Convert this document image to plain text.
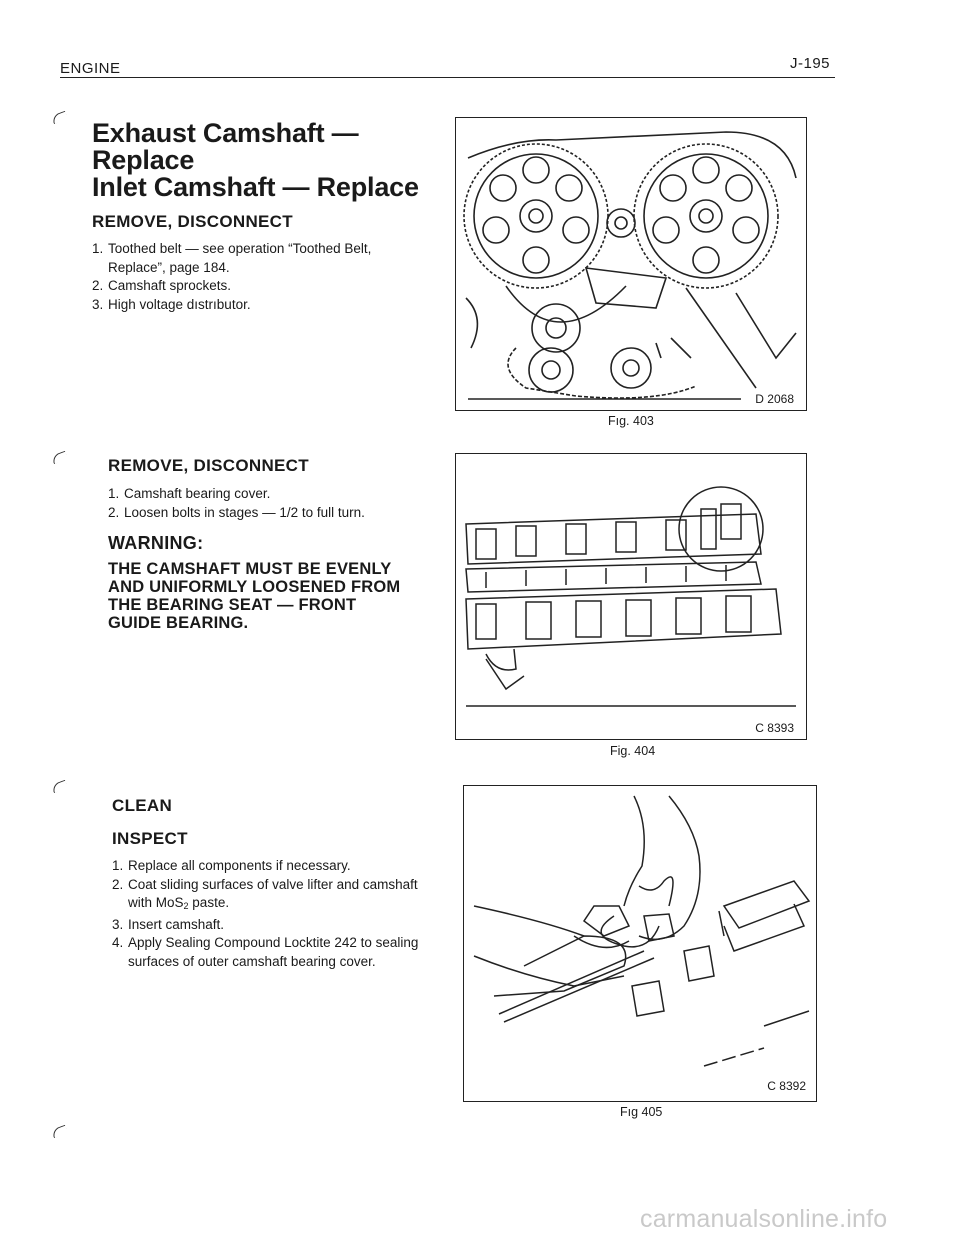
ENGINE	J-195
Exhaust Camshaft —
Replace
Inlet Camshaft — Replace
REMOVE, DISCONNECT
1. Toothed belt — see operation “Toothed Belt, Replace”, page 184.
2. Camshaft sprockets.
3. High voltage dıstrıbutor.
REMOVE, DISCONNECT
1. Camshaft bearing cover.
2. Loosen bolts in stages — 1/2 to full turn.
WARNING:
THE CAMSHAFT MUST BE EVENLY
AND UNIFORMLY LOOSENED FROM
THE BEARING SEAT — FRONT
GUIDE BEARING.
CLEAN
INSPECT
1. Replace all components if necessary.
2. Coat sliding surfaces of valve lifter and camshaft with MoS$_2$ paste.
3. Insert camshaft.
4. Apply Sealing Compound Locktite 242 to sealing surfaces of outer camshaft bearing cover.
D 2068
Fıg. 403
C 8393
Fig. 404
C 8392
Fıg 405
carmanualsonline.info
